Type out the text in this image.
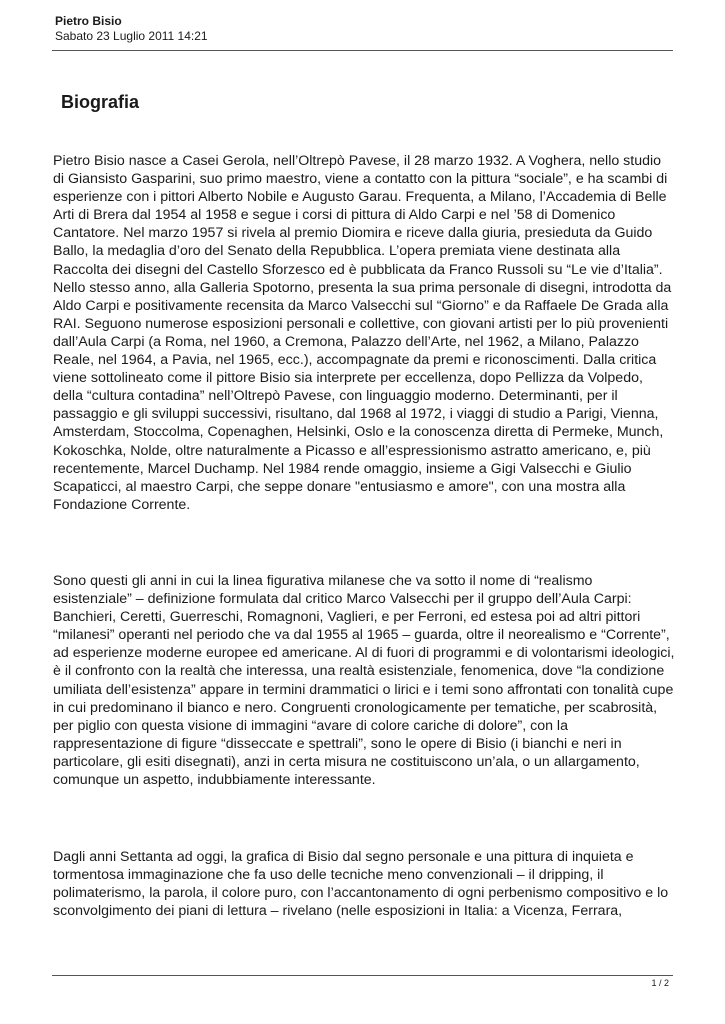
Pietro Bisio
Sabato 23 Luglio 2011 14:21
Biografia

Pietro Bisio nasce a Casei Gerola, nell’Oltrepò Pavese, il 28 marzo 1932. A Voghera, nello studio di Giansisto Gasparini, suo primo maestro, viene a contatto con la pittura “sociale”, e ha scambi di esperienze con i pittori Alberto Nobile e Augusto Garau. Frequenta, a Milano, l’Accademia di Belle Arti di Brera dal 1954 al 1958 e segue i corsi di pittura di Aldo Carpi e nel ’58 di Domenico Cantatore. Nel marzo 1957 si rivela al premio Diomira e riceve dalla giuria, presieduta da Guido Ballo, la medaglia d’oro del Senato della Repubblica. L’opera premiata viene destinata alla Raccolta dei disegni del Castello Sforzesco ed è pubblicata da Franco Russoli su “Le vie d’Italia”. Nello stesso anno, alla Galleria Spotorno, presenta la sua prima personale di disegni, introdotta da Aldo Carpi e positivamente recensita da Marco Valsecchi sul “Giorno” e da Raffaele De Grada alla RAI. Seguono numerose esposizioni personali e collettive, con giovani artisti per lo più provenienti dall’Aula Carpi (a Roma, nel 1960, a Cremona, Palazzo dell’Arte, nel 1962, a Milano, Palazzo Reale, nel 1964, a Pavia, nel 1965, ecc.), accompagnate da premi e riconoscimenti. Dalla critica viene sottolineato come il pittore Bisio sia interprete per eccellenza, dopo Pellizza da Volpedo, della “cultura contadina” nell’Oltrepò Pavese, con linguaggio moderno. Determinanti, per il passaggio e gli sviluppi successivi, risultano, dal 1968 al 1972, i viaggi di studio a Parigi, Vienna, Amsterdam, Stoccolma, Copenaghen, Helsinki, Oslo e la conoscenza diretta di Permeke, Munch, Kokoschka, Nolde, oltre naturalmente a Picasso e all’espressionismo astratto americano, e, più recentemente, Marcel Duchamp. Nel 1984 rende omaggio, insieme a Gigi Valsecchi e Giulio Scapaticci, al maestro Carpi, che seppe donare "entusiasmo e amore", con una mostra alla Fondazione Corrente.

Sono questi gli anni in cui la linea figurativa milanese che va sotto il nome di “realismo esistenziale” – definizione formulata dal critico Marco Valsecchi per il gruppo dell’Aula Carpi: Banchieri, Ceretti, Guerreschi, Romagnoni, Vaglieri, e per Ferroni, ed estesa poi ad altri pittori “milanesi” operanti nel periodo che va dal 1955 al 1965 – guarda, oltre il neorealismo e “Corrente”, ad esperienze moderne europee ed americane. Al di fuori di programmi e di volontarismi ideologici, è il confronto con la realtà che interessa, una realtà esistenziale, fenomenica, dove “la condizione umiliata dell’esistenza” appare in termini drammatici o lirici e i temi sono affrontati con tonalità cupe in cui predominano il bianco e nero. Congruenti cronologicamente per tematiche, per scabrosità, per piglio con questa visione di immagini “avare di colore cariche di dolore”, con la rappresentazione di figure “disseccate e spettrali”, sono le opere di Bisio (i bianchi e neri in particolare, gli esiti disegnati), anzi in certa misura ne costituiscono un’ala, o un allargamento, comunque un aspetto, indubbiamente interessante.

Dagli anni Settanta ad oggi, la grafica di Bisio dal segno personale e una pittura di inquieta e tormentosa immaginazione che fa uso delle tecniche meno convenzionali – il dripping, il polimaterismo, la parola, il colore puro, con l’accantonamento di ogni perbenismo compositivo e lo sconvolgimento dei piani di lettura – rivelano (nelle esposizioni in Italia: a Vicenza, Ferrara,

1 / 2
